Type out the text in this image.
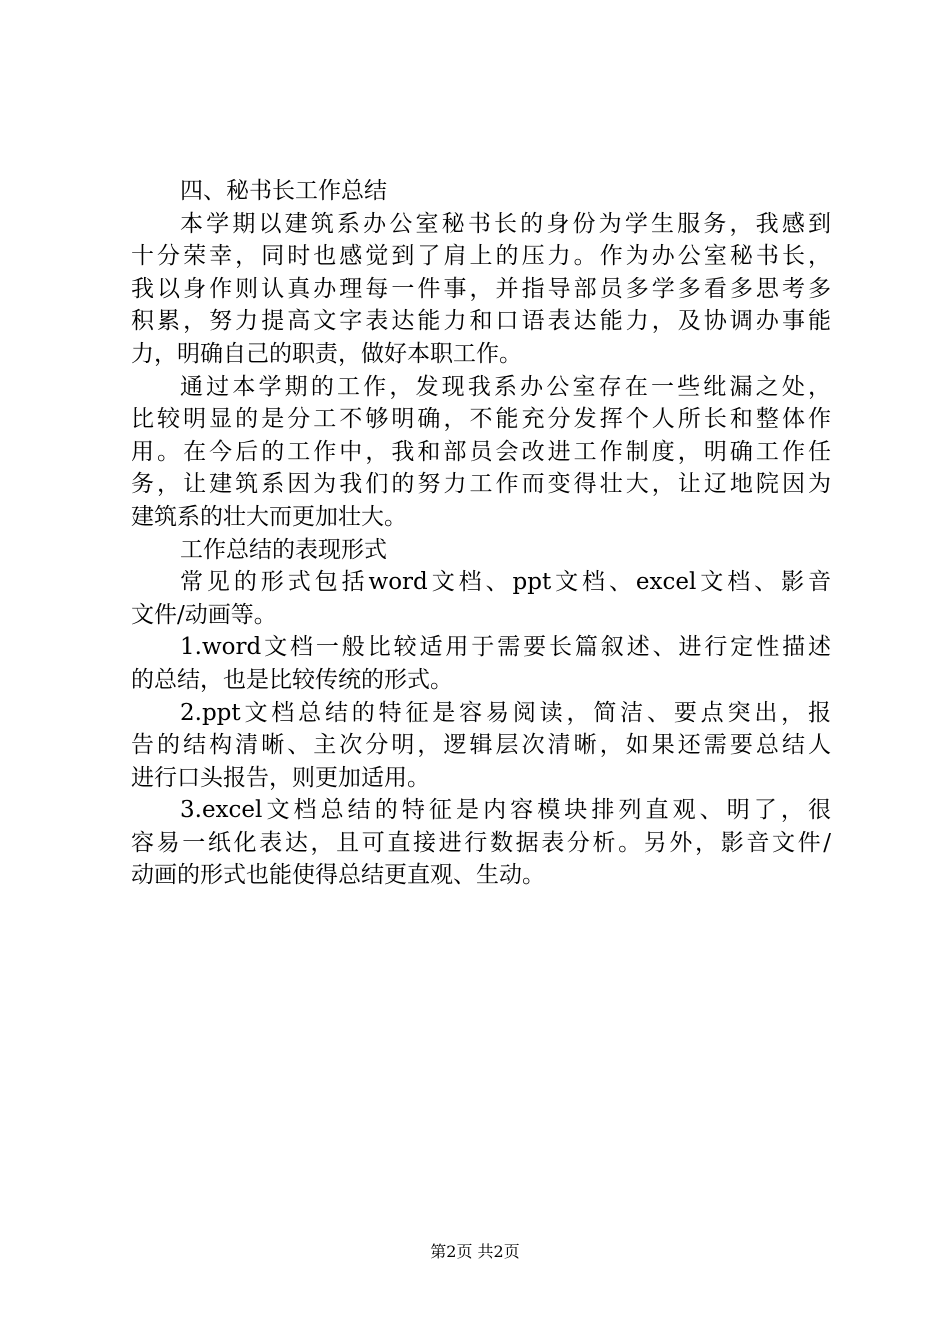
四、秘书长工作总结
本学期以建筑系办公室秘书长的身份为学生服务，我感到
十分荣幸，同时也感觉到了肩上的压力。作为办公室秘书长，
我以身作则认真办理每一件事，并指导部员多学多看多思考多
积累，努力提高文字表达能力和口语表达能力，及协调办事能
力，明确自己的职责，做好本职工作。
通过本学期的工作，发现我系办公室存在一些纰漏之处，
比较明显的是分工不够明确，不能充分发挥个人所长和整体作
用。在今后的工作中，我和部员会改进工作制度，明确工作任
务，让建筑系因为我们的努力工作而变得壮大，让辽地院因为
建筑系的壮大而更加壮大。
工作总结的表现形式
常见的形式包括word文档、ppt文档、excel文档、影音
文件/动画等。
1.word文档一般比较适用于需要长篇叙述、进行定性描述
的总结，也是比较传统的形式。
2.ppt文档总结的特征是容易阅读，简洁、要点突出，报
告的结构清晰、主次分明，逻辑层次清晰，如果还需要总结人
进行口头报告，则更加适用。
3.excel文档总结的特征是内容模块排列直观、明了，很
容易一纸化表达，且可直接进行数据表分析。另外，影音文件/
动画的形式也能使得总结更直观、生动。
第2页 共2页
